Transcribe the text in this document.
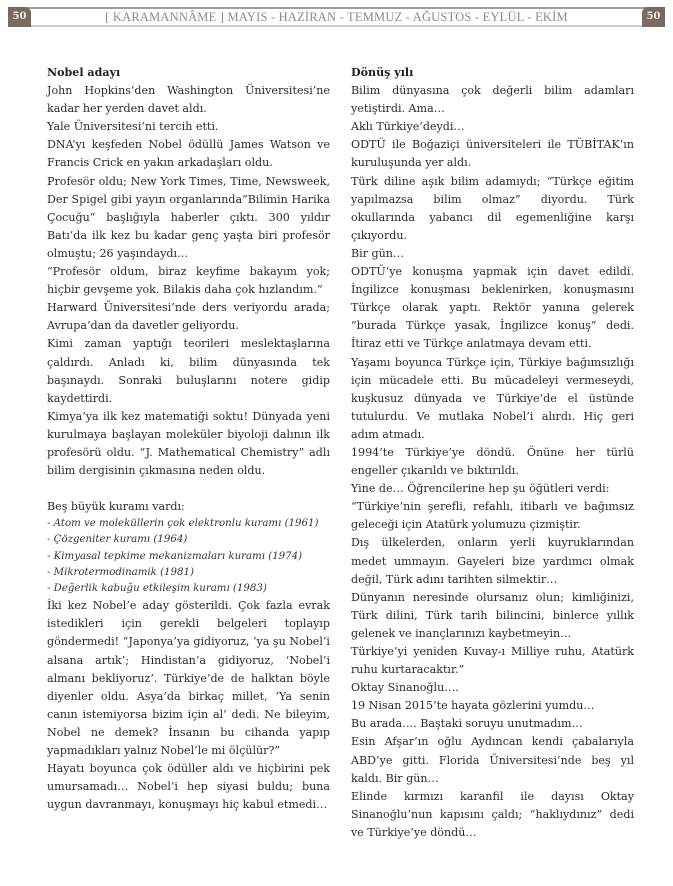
50	[ KARAMANNÂME ] MAYIS - HAZİRAN - TEMMUZ - AĞUSTOS - EYLÜL - EKİM	50
Nobel adayı

John Hopkins’den Washington Üniversitesi’ne kadar her yerden davet aldı.

Yale Üniversitesi‘ni tercih etti.

DNA’yı keşfeden Nobel ödüllü James Watson ve Francis Crick en yakın arkadaşları oldu.

Profesör oldu; New York Times, Time, Newsweek, Der Spigel gibi yayın organlarında”Bilimin Harika Çocuğu” başlığıyla haberler çıktı. 300 yıldır Batı’da ilk kez bu kadar genç yaşta biri profesör olmuştu; 26 yaşındaydı…

“Profesör oldum, biraz keyfime bakayım yok; hiçbir gevşeme yok. Bilakis daha çok hızlandım.”

Harward Üniversitesi’nde ders veriyordu arada; Avrupa’dan da davetler geliyordu.

Kimi zaman yaptığı teorileri meslektaşlarına çaldırdı. Anladı ki, bilim dünyasında tek başınaydı. Sonraki buluşlarını notere gidip kaydettirdi.

Kimya’ya ilk kez matematiği soktu! Dünyada yeni kurulmaya başlayan moleküler biyoloji dalının ilk profesörü oldu. “J. Mathematical Chemistry” adlı bilim dergisinin çıkmasına neden oldu.

Beş büyük kuramı vardı:

- Atom ve moleküllerin çok elektronlu kuramı (1961)
- Çözgeniter kuramı (1964)
- Kimyasal tepkime mekanizmaları kuramı (1974)
- Mikrotermodinamik (1981)
- Değerlik kabuğu etkileşim kuramı (1983)

İki kez Nobel’e aday gösterildi. Çok fazla evrak istedikleri için gerekli belgeleri toplayıp göndermedi! “Japonya’ya gidiyoruz, ‘ya şu Nobel’i alsana artık’; Hindistan’a gidiyoruz, ‘Nobel’i almanı bekliyoruz’. Türkiye’de de halktan böyle diyenler oldu. Asya’da birkaç millet, ‘Ya senin canın istemiyorsa bizim için al’ dedi. Ne bileyim, Nobel ne demek? İnsanın bu cihanda yapıp yapmadıkları yalnız Nobel’le mi ölçülür?”

Hayatı boyunca çok ödüller aldı ve hiçbirini pek umursamadı… Nobel’i hep siyasi buldu; buna uygun davranmayı, konuşmayı hiç kabul etmedi…

Dönüş yılı

Bilim dünyasına çok değerli bilim adamları yetiştirdi. Ama…

Aklı Türkiye’deydi…

ODTÜ ile Boğaziçi üniversiteleri ile TÜBİTAK‘ın kuruluşunda yer aldı.

Türk diline aşık bilim adamıydı; “Türkçe eğitim yapılmazsa bilim olmaz” diyordu. Türk okullarında yabancı dil egemenliğine karşı çıkıyordu.

Bir gün…

ODTÜ‘ye konuşma yapmak için davet edildi. İngilizce konuşması beklenirken, konuşmasını Türkçe olarak yaptı. Rektör yanına gelerek “burada Türkçe yasak, İngilizce konuş” dedi. İtiraz etti ve Türkçe anlatmaya devam etti.

Yaşamı boyunca Türkçe için, Türkiye bağımsızlığı için mücadele etti. Bu mücadeleyi vermeseydi, kuşkusuz dünyada ve Türkiye’de el üstünde tutulurdu. Ve mutlaka Nobel’i alırdı. Hiç geri adım atmadı.

1994’te Türkiye’ye döndü. Önüne her türlü engeller çıkarıldı ve bıktırıldı.

Yine de… Öğrencilerine hep şu öğütleri verdi:

“Türkiye’nin şerefli, refahlı, itibarlı ve bağımsız geleceği için Atatürk yolumuzu çizmiştir.

Dış ülkelerden, onların yerli kuyruklarından medet ummayın. Gayeleri bize yardımcı olmak değil, Türk adını tarihten silmektir…

Dünyanın neresinde olursanız olun; kimliğinizi, Türk dilini, Türk tarih bilincini, binlerce yıllık gelenek ve inançlarınızı kaybetmeyin…

Türkiye’yi yeniden Kuvay-ı Milliye ruhu, Atatürk ruhu kurtaracaktır.”

Oktay Sinanoğlu….

19 Nisan 2015’te hayata gözlerini yumdu…

Bu arada…. Baştaki soruyu unutmadım…

Esin Afşar’ın oğlu Aydıncan kendi çabalarıyla ABD’ye gitti. Florida Üniversitesi’nde beş yıl kaldı. Bir gün…

Elinde kırmızı karanfil ile dayısı Oktay Sinanoğlu’nun kapısını çaldı; “haklıydınız” dedi ve Türkiye’ye döndü…
